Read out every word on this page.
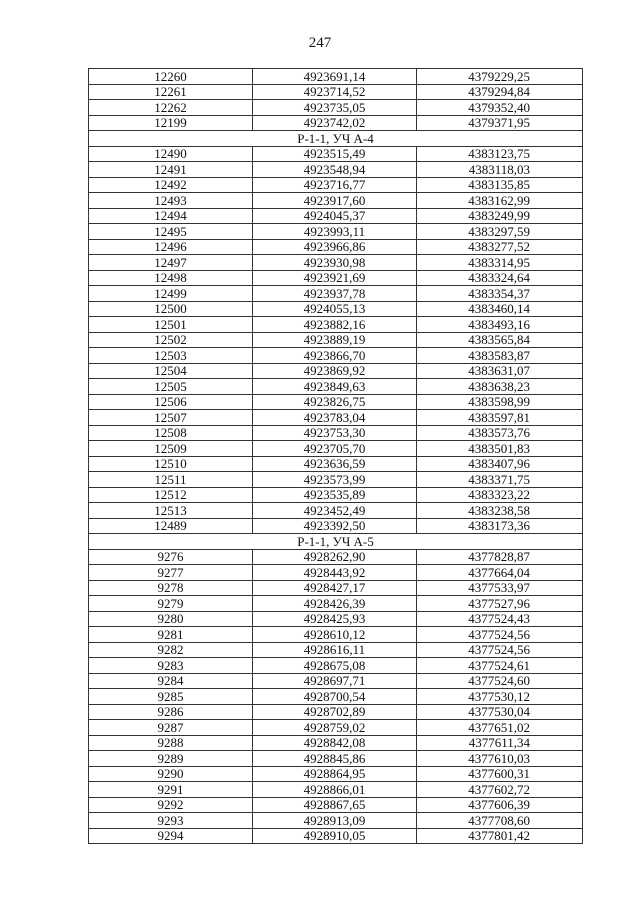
247
12260	4923691,14	4379229,25
12261	4923714,52	4379294,84
12262	4923735,05	4379352,40
12199	4923742,02	4379371,95
Р-1-1, УЧ А-4		
12490	4923515,49	4383123,75
12491	4923548,94	4383118,03
12492	4923716,77	4383135,85
12493	4923917,60	4383162,99
12494	4924045,37	4383249,99
12495	4923993,11	4383297,59
12496	4923966,86	4383277,52
12497	4923930,98	4383314,95
12498	4923921,69	4383324,64
12499	4923937,78	4383354,37
12500	4924055,13	4383460,14
12501	4923882,16	4383493,16
12502	4923889,19	4383565,84
12503	4923866,70	4383583,87
12504	4923869,92	4383631,07
12505	4923849,63	4383638,23
12506	4923826,75	4383598,99
12507	4923783,04	4383597,81
12508	4923753,30	4383573,76
12509	4923705,70	4383501,83
12510	4923636,59	4383407,96
12511	4923573,99	4383371,75
12512	4923535,89	4383323,22
12513	4923452,49	4383238,58
12489	4923392,50	4383173,36
Р-1-1, УЧ А-5		
9276	4928262,90	4377828,87
9277	4928443,92	4377664,04
9278	4928427,17	4377533,97
9279	4928426,39	4377527,96
9280	4928425,93	4377524,43
9281	4928610,12	4377524,56
9282	4928616,11	4377524,56
9283	4928675,08	4377524,61
9284	4928697,71	4377524,60
9285	4928700,54	4377530,12
9286	4928702,89	4377530,04
9287	4928759,02	4377651,02
9288	4928842,08	4377611,34
9289	4928845,86	4377610,03
9290	4928864,95	4377600,31
9291	4928866,01	4377602,72
9292	4928867,65	4377606,39
9293	4928913,09	4377708,60
9294	4928910,05	4377801,42
